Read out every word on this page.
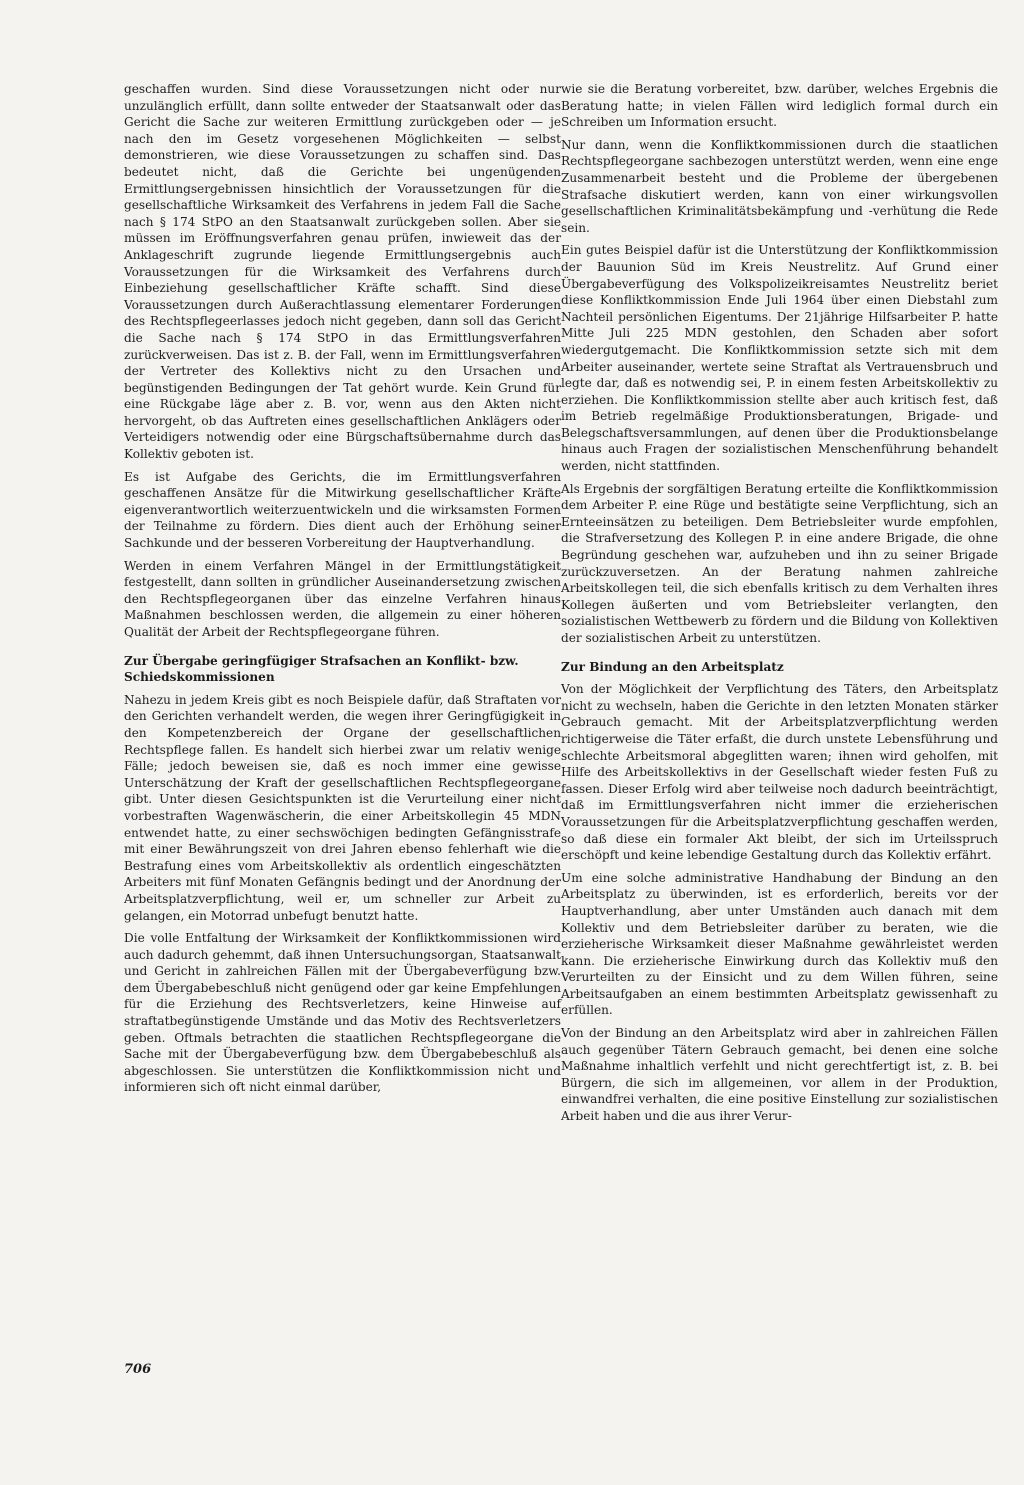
geschaffen wurden. Sind diese Voraussetzungen nicht oder nur unzulänglich erfüllt, dann sollte entweder der Staatsanwalt oder das Gericht die Sache zur weiteren Ermittlung zurückgeben oder — je nach den im Gesetz vorgesehenen Möglichkeiten — selbst demonstrieren, wie diese Voraussetzungen zu schaffen sind. Das bedeutet nicht, daß die Gerichte bei ungenügenden Ermittlungsergebnissen hinsichtlich der Voraussetzungen für die gesellschaftliche Wirksamkeit des Verfahrens in jedem Fall die Sache nach § 174 StPO an den Staatsanwalt zurückgeben sollen. Aber sie müssen im Eröffnungsverfahren genau prüfen, inwieweit das der Anklageschrift zugrunde liegende Ermittlungsergebnis auch Voraussetzungen für die Wirksamkeit des Verfahrens durch Einbeziehung gesellschaftlicher Kräfte schafft. Sind diese Voraussetzungen durch Außerachtlassung elementarer Forderungen des Rechtspflegeerlasses jedoch nicht gegeben, dann soll das Gericht die Sache nach § 174 StPO in das Ermittlungsverfahren zurückverweisen. Das ist z. B. der Fall, wenn im Ermittlungsverfahren der Vertreter des Kollektivs nicht zu den Ursachen und begünstigenden Bedingungen der Tat gehört wurde. Kein Grund für eine Rückgabe läge aber z. B. vor, wenn aus den Akten nicht hervorgeht, ob das Auftreten eines gesellschaftlichen Anklägers oder Verteidigers notwendig oder eine Bürgschaftsübernahme durch das Kollektiv geboten ist.

Es ist Aufgabe des Gerichts, die im Ermittlungsverfahren geschaffenen Ansätze für die Mitwirkung gesellschaftlicher Kräfte eigenverantwortlich weiterzuentwickeln und die wirksamsten Formen der Teilnahme zu fördern. Dies dient auch der Erhöhung seiner Sachkunde und der besseren Vorbereitung der Hauptverhandlung.

Werden in einem Verfahren Mängel in der Ermittlungstätigkeit festgestellt, dann sollten in gründlicher Auseinandersetzung zwischen den Rechtspflegeorganen über das einzelne Verfahren hinaus Maßnahmen beschlossen werden, die allgemein zu einer höheren Qualität der Arbeit der Rechtspflegeorgane führen.

Zur Übergabe geringfügiger Strafsachen an Konflikt- bzw. Schiedskommissionen

Nahezu in jedem Kreis gibt es noch Beispiele dafür, daß Straftaten vor den Gerichten verhandelt werden, die wegen ihrer Geringfügigkeit in den Kompetenzbereich der Organe der gesellschaftlichen Rechtspflege fallen. Es handelt sich hierbei zwar um relativ wenige Fälle; jedoch beweisen sie, daß es noch immer eine gewisse Unterschätzung der Kraft der gesellschaftlichen Rechtspflegeorgane gibt. Unter diesen Gesichtspunkten ist die Verurteilung einer nicht vorbestraften Wagenwäscherin, die einer Arbeitskollegin 45 MDN entwendet hatte, zu einer sechswöchigen bedingten Gefängnisstrafe mit einer Bewährungszeit von drei Jahren ebenso fehlerhaft wie die Bestrafung eines vom Arbeitskollektiv als ordentlich eingeschätzten Arbeiters mit fünf Monaten Gefängnis bedingt und der Anordnung der Arbeitsplatzverpflichtung, weil er, um schneller zur Arbeit zu gelangen, ein Motorrad unbefugt benutzt hatte.

Die volle Entfaltung der Wirksamkeit der Konfliktkommissionen wird auch dadurch gehemmt, daß ihnen Untersuchungsorgan, Staatsanwalt und Gericht in zahlreichen Fällen mit der Übergabeverfügung bzw. dem Übergabebeschluß nicht genügend oder gar keine Empfehlungen für die Erziehung des Rechtsverletzers, keine Hinweise auf straftatbegünstigende Umstände und das Motiv des Rechtsverletzers geben. Oftmals betrachten die staatlichen Rechtspflegeorgane die Sache mit der Übergabeverfügung bzw. dem Übergabebeschluß als abgeschlossen. Sie unterstützen die Konfliktkommission nicht und informieren sich oft nicht einmal darüber,

wie sie die Beratung vorbereitet, bzw. darüber, welches Ergebnis die Beratung hatte; in vielen Fällen wird lediglich formal durch ein Schreiben um Information ersucht.

Nur dann, wenn die Konfliktkommissionen durch die staatlichen Rechtspflegeorgane sachbezogen unterstützt werden, wenn eine enge Zusammenarbeit besteht und die Probleme der übergebenen Strafsache diskutiert werden, kann von einer wirkungsvollen gesellschaftlichen Kriminalitätsbekämpfung und -verhütung die Rede sein.

Ein gutes Beispiel dafür ist die Unterstützung der Konfliktkommission der Bauunion Süd im Kreis Neustrelitz. Auf Grund einer Übergabeverfügung des Volkspolizeikreisamtes Neustrelitz beriet diese Konfliktkommission Ende Juli 1964 über einen Diebstahl zum Nachteil persönlichen Eigentums. Der 21jährige Hilfsarbeiter P. hatte Mitte Juli 225 MDN gestohlen, den Schaden aber sofort wiedergutgemacht. Die Konfliktkommission setzte sich mit dem Arbeiter auseinander, wertete seine Straftat als Vertrauensbruch und legte dar, daß es notwendig sei, P. in einem festen Arbeitskollektiv zu erziehen. Die Konfliktkommission stellte aber auch kritisch fest, daß im Betrieb regelmäßige Produktionsberatungen, Brigade- und Belegschaftsversammlungen, auf denen über die Produktionsbelange hinaus auch Fragen der sozialistischen Menschenführung behandelt werden, nicht stattfinden.

Als Ergebnis der sorgfältigen Beratung erteilte die Konfliktkommission dem Arbeiter P. eine Rüge und bestätigte seine Verpflichtung, sich an Ernteeinsätzen zu beteiligen. Dem Betriebsleiter wurde empfohlen, die Strafversetzung des Kollegen P. in eine andere Brigade, die ohne Begründung geschehen war, aufzuheben und ihn zu seiner Brigade zurückzuversetzen. An der Beratung nahmen zahlreiche Arbeitskollegen teil, die sich ebenfalls kritisch zu dem Verhalten ihres Kollegen äußerten und vom Betriebsleiter verlangten, den sozialistischen Wettbewerb zu fördern und die Bildung von Kollektiven der sozialistischen Arbeit zu unterstützen.

Zur Bindung an den Arbeitsplatz

Von der Möglichkeit der Verpflichtung des Täters, den Arbeitsplatz nicht zu wechseln, haben die Gerichte in den letzten Monaten stärker Gebrauch gemacht. Mit der Arbeitsplatzverpflichtung werden richtigerweise die Täter erfaßt, die durch unstete Lebensführung und schlechte Arbeitsmoral abgeglitten waren; ihnen wird geholfen, mit Hilfe des Arbeitskollektivs in der Gesellschaft wieder festen Fuß zu fassen. Dieser Erfolg wird aber teilweise noch dadurch beeinträchtigt, daß im Ermittlungsverfahren nicht immer die erzieherischen Voraussetzungen für die Arbeitsplatzverpflichtung geschaffen werden, so daß diese ein formaler Akt bleibt, der sich im Urteilsspruch erschöpft und keine lebendige Gestaltung durch das Kollektiv erfährt.

Um eine solche administrative Handhabung der Bindung an den Arbeitsplatz zu überwinden, ist es erforderlich, bereits vor der Hauptverhandlung, aber unter Umständen auch danach mit dem Kollektiv und dem Betriebsleiter darüber zu beraten, wie die erzieherische Wirksamkeit dieser Maßnahme gewährleistet werden kann. Die erzieherische Einwirkung durch das Kollektiv muß den Verurteilten zu der Einsicht und zu dem Willen führen, seine Arbeitsaufgaben an einem bestimmten Arbeitsplatz gewissenhaft zu erfüllen.

Von der Bindung an den Arbeitsplatz wird aber in zahlreichen Fällen auch gegenüber Tätern Gebrauch gemacht, bei denen eine solche Maßnahme inhaltlich verfehlt und nicht gerechtfertigt ist, z. B. bei Bürgern, die sich im allgemeinen, vor allem in der Produktion, einwandfrei verhalten, die eine positive Einstellung zur sozialistischen Arbeit haben und die aus ihrer Verur-

706
